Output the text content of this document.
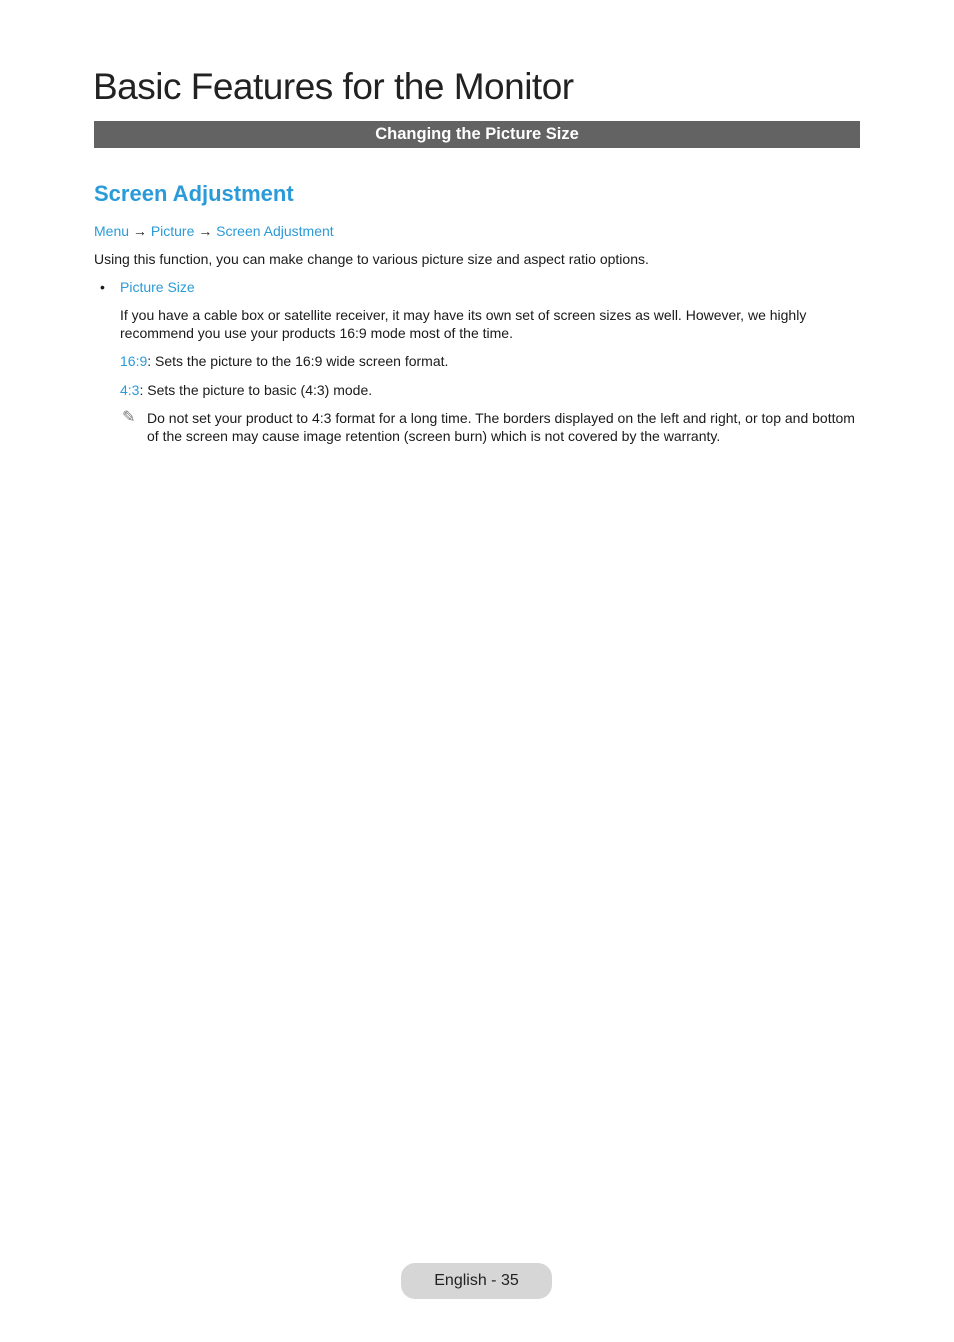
Basic Features for the Monitor
Changing the Picture Size
Screen Adjustment
Menu → Picture → Screen Adjustment
Using this function, you can make change to various picture size and aspect ratio options.
• Picture Size
If you have a cable box or satellite receiver, it may have its own set of screen sizes as well. However, we highly recommend you use your products 16:9 mode most of the time.
16:9: Sets the picture to the 16:9 wide screen format.
4:3: Sets the picture to basic (4:3) mode.
✎ Do not set your product to 4:3 format for a long time. The borders displayed on the left and right, or top and bottom of the screen may cause image retention (screen burn) which is not covered by the warranty.
English - 35
